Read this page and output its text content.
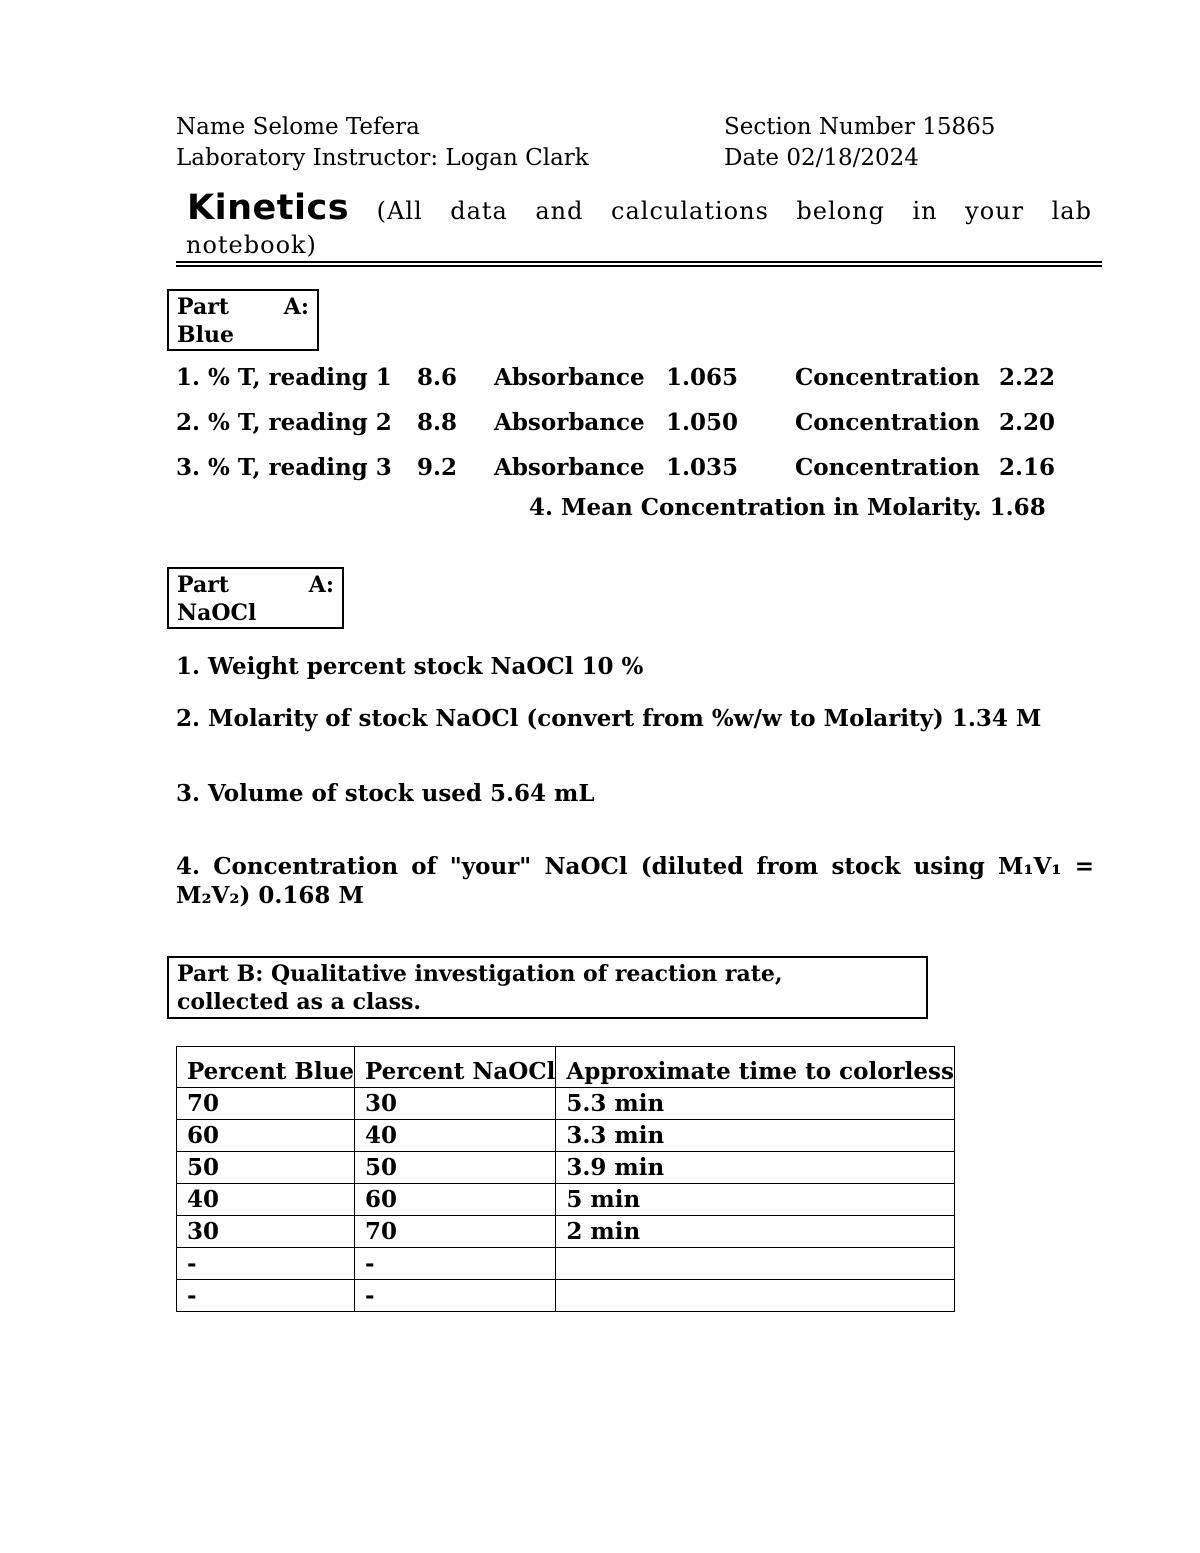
Name Selome Tefera	Section Number 15865
Laboratory Instructor: Logan Clark	Date 02/18/2024
Kinetics (All data and calculations belong in your lab
notebook)
Part A:
Blue
1. % T, reading 1 8.6 Absorbance 1.065 Concentration 2.22
2. % T, reading 2 8.8 Absorbance 1.050 Concentration 2.20
3. % T, reading 3 9.2 Absorbance 1.035 Concentration 2.16
4. Mean Concentration in Molarity. 1.68
Part	A:
NaOCl
1. Weight percent stock NaOCl 10 %
2. Molarity of stock NaOCl (convert from %w/w to Molarity) 1.34 M
3. Volume of stock used 5.64 mL
4. Concentration of "your" NaOCl (diluted from stock using M₁V₁ =
M₂V₂) 0.168 M
Part B: Qualitative investigation of reaction rate,
collected as a class.
Percent Blue	Percent NaOCl	Approximate time to colorless
70	30	5.3 min
60	40	3.3 min
50	50	3.9 min
40	60	5 min
30	70	2 min
-	-	
-	-	
